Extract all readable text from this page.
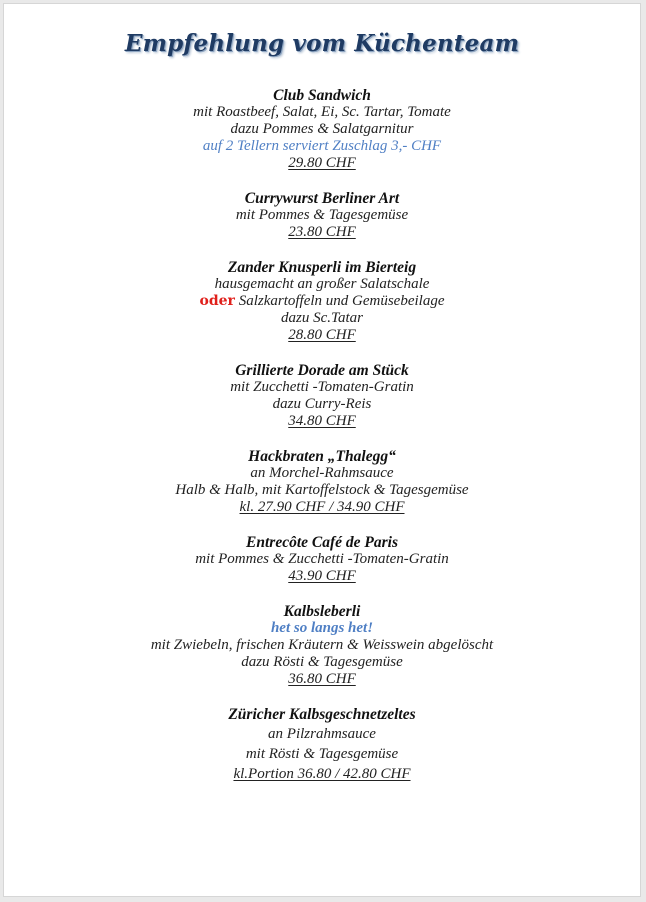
Empfehlung vom Küchenteam
Club Sandwich
mit Roastbeef, Salat, Ei, Sc. Tartar, Tomate
dazu Pommes & Salatgarnitur
auf 2 Tellern serviert Zuschlag 3,- CHF
29.80 CHF
Currywurst Berliner Art
mit Pommes & Tagesgemüse
23.80 CHF
Zander Knusperli im Bierteig
hausgemacht an großer Salatschale
oder Salzkartoffeln und Gemüsebeilage
dazu Sc.Tatar
28.80 CHF
Grillierte Dorade am Stück
mit Zucchetti -Tomaten-Gratin
dazu Curry-Reis
34.80 CHF
Hackbraten „Thalegg“
an Morchel-Rahmsauce
Halb & Halb, mit Kartoffelstock & Tagesgemüse
kl. 27.90 CHF / 34.90 CHF
Entrecôte Café de Paris
mit Pommes & Zucchetti -Tomaten-Gratin
43.90 CHF
Kalbsleberli
het so langs het!
mit Zwiebeln, frischen Kräutern & Weisswein abgelöscht
dazu Rösti & Tagesgemüse
36.80 CHF
Züricher Kalbsgeschnetzeltes
an Pilzrahmsauce
mit Rösti & Tagesgemüse
kl.Portion 36.80 / 42.80 CHF
